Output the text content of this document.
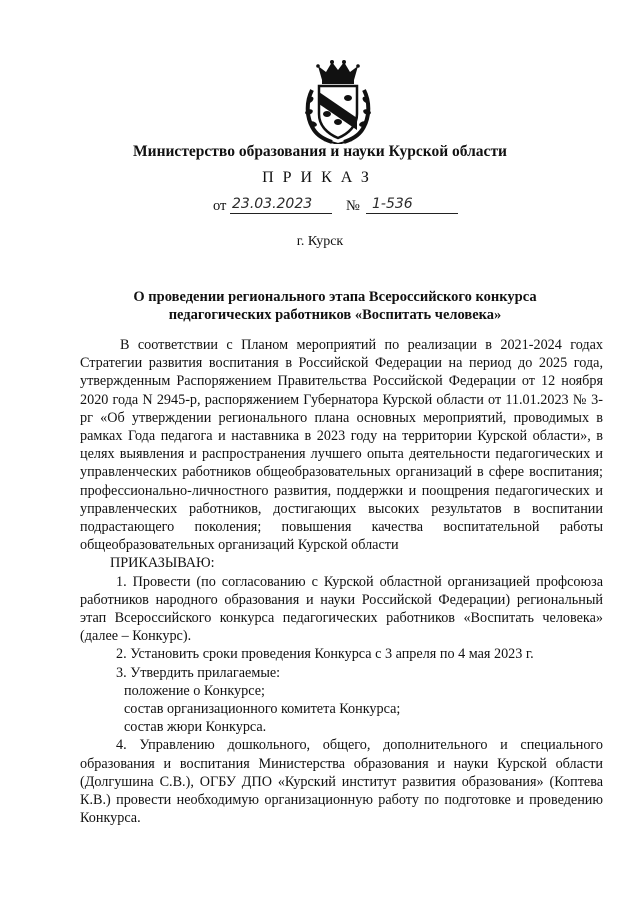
Министерство образования и науки Курской области
ПРИКАЗ
от 23.03.2023 № 1-536
г. Курск
О проведении регионального этапа Всероссийского конкурса
педагогических работников «Воспитать человека»

В соответствии с Планом мероприятий по реализации в 2021-2024 годах Стратегии развития воспитания в Российской Федерации на период до 2025 года, утвержденным Распоряжением Правительства Российской Федерации от 12 ноября 2020 года N 2945-р, распоряжением Губернатора Курской области от 11.01.2023 № 3-рг «Об утверждении регионального плана основных мероприятий, проводимых в рамках Года педагога и наставника в 2023 году на территории Курской области», в целях выявления и распространения лучшего опыта деятельности педагогических и управленческих работников общеобразовательных организаций в сфере воспитания; профессионально-личностного развития, поддержки и поощрения педагогических и управленческих работников, достигающих высоких результатов в воспитании подрастающего поколения; повышения качества воспитательной работы общеобразовательных организаций Курской области

ПРИКАЗЫВАЮ:

1. Провести (по согласованию с Курской областной организацией профсоюза работников народного образования и науки Российской Федерации) региональный этап Всероссийского конкурса педагогических работников «Воспитать человека» (далее – Конкурс).

2. Установить сроки проведения Конкурса с 3 апреля по 4 мая 2023 г.

3. Утвердить прилагаемые:

положение о Конкурсе;

состав организационного комитета Конкурса;

состав жюри Конкурса.

4. Управлению дошкольного, общего, дополнительного и специального образования и воспитания Министерства образования и науки Курской области (Долгушина С.В.), ОГБУ ДПО «Курский институт развития образования» (Коптева К.В.) провести необходимую организационную работу по подготовке и проведению Конкурса.
